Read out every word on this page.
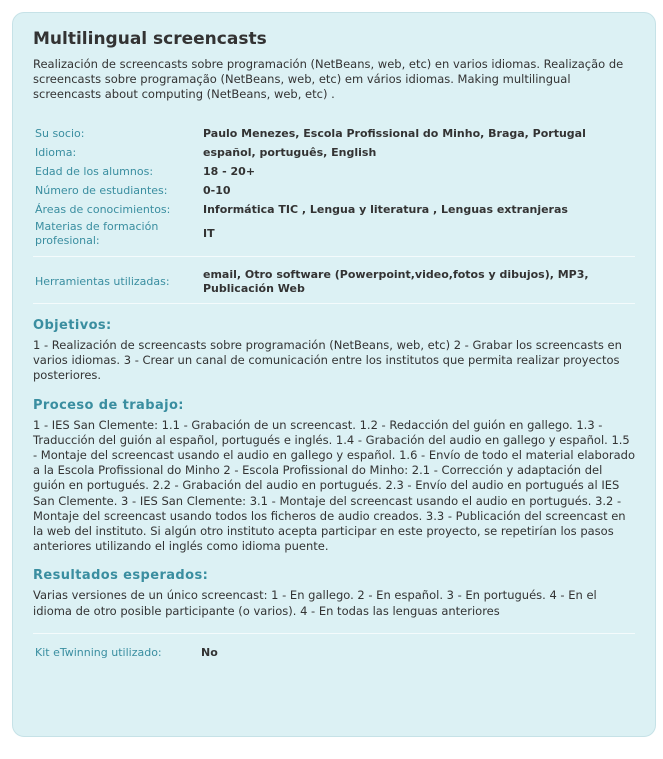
Multilingual screencasts

Realización de screencasts sobre programación (NetBeans, web, etc) en varios idiomas. Realização de screencasts sobre programação (NetBeans, web, etc) em vários idiomas. Making multilingual screencasts about computing (NetBeans, web, etc) .

Su socio:	Paulo Menezes, Escola Profissional do Minho, Braga, Portugal
Idioma:	español, português, English
Edad de los alumnos:	18 - 20+
Número de estudiantes:	0-10
Áreas de conocimientos:	Informática TIC , Lengua y literatura , Lenguas extranjeras
Materias de formación profesional:	IT

Herramientas utilizadas:	email, Otro software (Powerpoint,video,fotos y dibujos), MP3, Publicación Web
Objetivos:

1 - Realización de screencasts sobre programación (NetBeans, web, etc) 2 - Grabar los screencasts en varios idiomas. 3 - Crear un canal de comunicación entre los institutos que permita realizar proyectos posteriores.

Proceso de trabajo:

1 - IES San Clemente: 1.1 - Grabación de un screencast. 1.2 - Redacción del guión en gallego. 1.3 - Traducción del guión al español, portugués e inglés. 1.4 - Grabación del audio en gallego y español. 1.5 - Montaje del screencast usando el audio en gallego y español. 1.6 - Envío de todo el material elaborado a la Escola Profissional do Minho 2 - Escola Profissional do Minho: 2.1 - Corrección y adaptación del guión en portugués. 2.2 - Grabación del audio en portugués. 2.3 - Envío del audio en portugués al IES San Clemente. 3 - IES San Clemente: 3.1 - Montaje del screencast usando el audio en portugués. 3.2 - Montaje del screencast usando todos los ficheros de audio creados. 3.3 - Publicación del screencast en la web del instituto. Si algún otro instituto acepta participar en este proyecto, se repetirían los pasos anteriores utilizando el inglés como idioma puente.

Resultados esperados:

Varias versiones de un único screencast: 1 - En gallego. 2 - En español. 3 - En portugués. 4 - En el idioma de otro posible participante (o varios). 4 - En todas las lenguas anteriores

Kit eTwinning utilizado:	No
